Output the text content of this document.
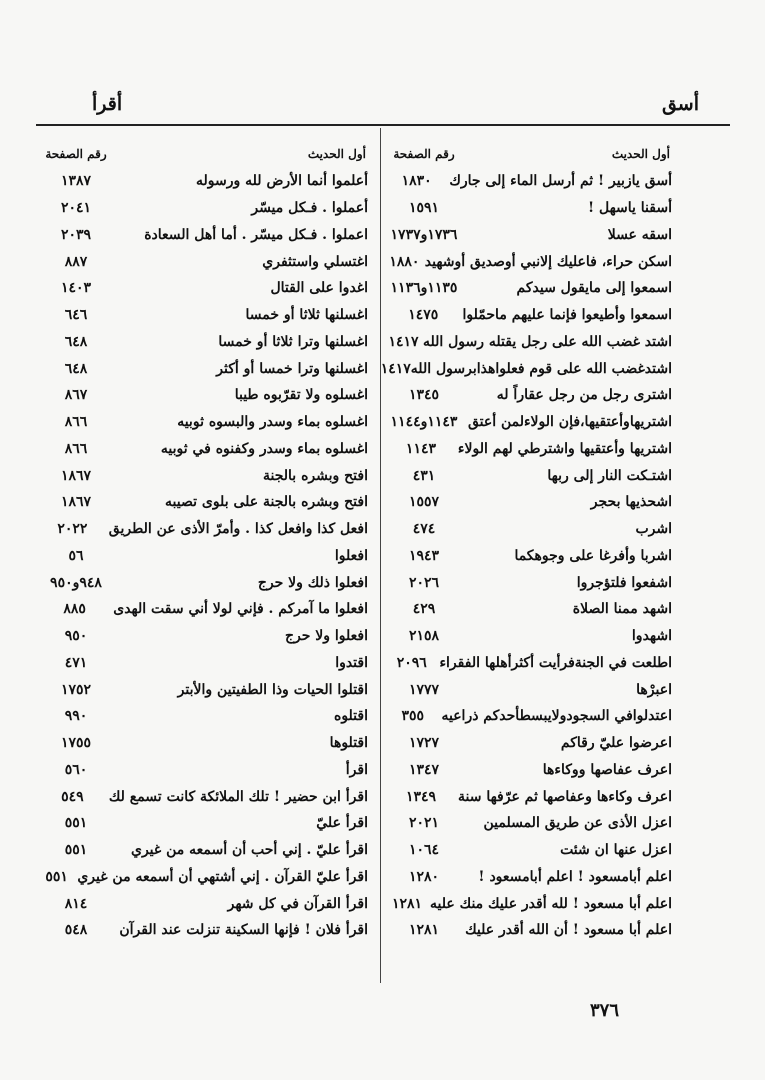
أسق
أقرأ
أول الحديث
رقم الصفحة
أسق يازبير ! ثم أرسل الماء إلى جارك
١٨٣٠
أسقنا ياسهل !
١٥٩١
اسقه عسلا
١٧٣٦و١٧٣٧
اسكن حراء، فاعليك إلانبي أوصديق أوشهيد
١٨٨٠
اسمعوا إلى مايقول سيدكم
١١٣٥و١١٣٦
اسمعوا وأطيعوا فإنما عليهم ماحمّلوا
١٤٧٥
اشتد غضب الله على رجل يقتله رسول الله
١٤١٧
اشتدغضب الله على قوم فعلواهذابرسول الله
١٤١٧
اشترى رجل من رجل عقاراً له
١٣٤٥
اشتريهاوأعتقيها،فإن الولاءلمن أعتق
١١٤٣و١١٤٤
اشتريها وأعتقيها واشترطي لهم الولاء
١١٤٣
اشتـكت النار إلى ربها
٤٣١
اشحذيها بحجر
١٥٥٧
اشرب
٤٧٤
اشربا وأفرغا على وجوهكما
١٩٤٣
اشفعوا فلتؤجروا
٢٠٢٦
اشهد ممنا الصلاة
٤٢٩
اشهدوا
٢١٥٨
اطلعت في الجنةفرأيت أكثرأهلها الفقراء
٢٠٩٦
اعبرْها
١٧٧٧
اعتدلوافي السجودولايبسطأحدكم ذراعيه
٣٥٥
اعرضوا عليّ رقاكم
١٧٢٧
اعرف عفاصها ووكاءها
١٣٤٧
اعرف وكاءها وعفاصها ثم عرّفها سنة
١٣٤٩
اعزل الأذى عن طريق المسلمين
٢٠٢١
اعزل عنها ان شئت
١٠٦٤
اعلم أبامسعود ! اعلم أبامسعود !
١٢٨٠
اعلم أبا مسعود ! لله أقدر عليك منك عليه
١٢٨١
اعلم أبا مسعود ! أن الله أقدر عليك
١٢٨١
أول الحديث
رقم الصفحة
أعلموا أنما الأرض لله ورسوله
١٣٨٧
أعملوا . فـكل ميسّر
٢٠٤١
اعملوا . فـكل ميسّر . أما أهل السعادة
٢٠٣٩
اغتسلي واستثفري
٨٨٧
اغدوا على القتال
١٤٠٣
اغسلنها ثلاثا أو خمسا
٦٤٦
اغسلنها وترا ثلاثا أو خمسا
٦٤٨
اغسلنها وترا خمسا أو أكثر
٦٤٨
اغسلوه ولا تقرّبوه طيبا
٨٦٧
اغسلوه بماء وسدر والبسوه ثوبيه
٨٦٦
اغسلوه بماء وسدر وكفنوه في ثوبيه
٨٦٦
افتح وبشره بالجنة
١٨٦٧
افتح وبشره بالجنة على بلوى تصيبه
١٨٦٧
افعل كذا وافعل كذا . وأمرّ الأذى عن الطريق
٢٠٢٢
افعلوا
٥٦
افعلوا ذلك ولا حرج
٩٤٨و٩٥٠
افعلوا ما آمركم . فإني لولا أني سقت الهدى
٨٨٥
افعلوا ولا حرج
٩٥٠
اقتدوا
٤٧١
اقتلوا الحيات وذا الطفيتين والأبتر
١٧٥٢
اقتلوه
٩٩٠
اقتلوها
١٧٥٥
اقرأ
٥٦٠
اقرأ ابن حضير ! تلك الملائكة كانت تسمع لك
٥٤٩
اقرأ عليّ
٥٥١
اقرأ عليّ . إني أحب أن أسمعه من غيري
٥٥١
اقرأ عليّ القرآن . إني أشتهي أن أسمعه من غيري
٥٥١
اقرأ القرآن في كل شهر
٨١٤
اقرأ فلان ! فإنها السكينة تنزلت عند القرآن
٥٤٨
٣٧٦
